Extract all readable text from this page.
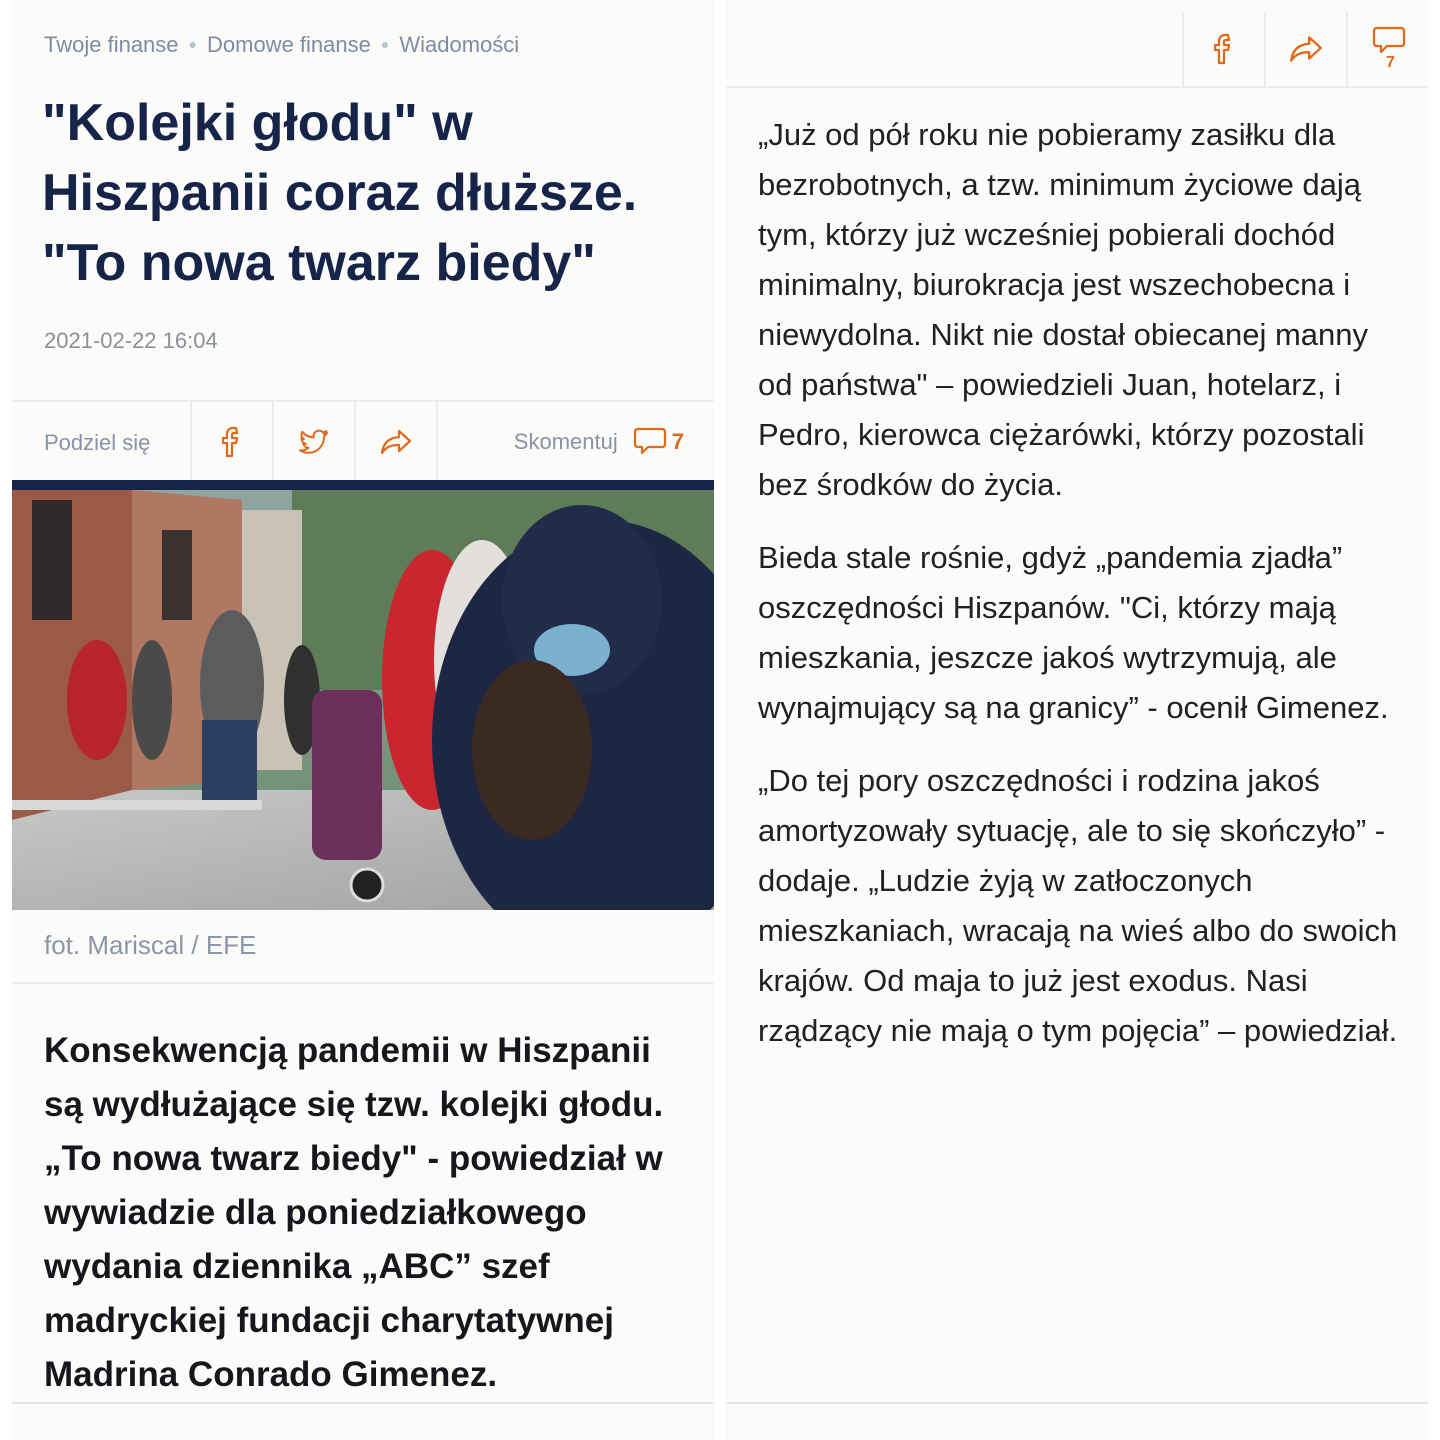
Twoje finanse ● Domowe finanse ● Wiadomości
"Kolejki głodu" w Hiszpanii coraz dłuższe. "To nowa twarz biedy"
2021-02-22 16:04
Podziel się	Skomentuj 7
fot. Mariscal / EFE

Konsekwencją pandemii w Hiszpanii są wydłużające się tzw. kolejki głodu. „To nowa twarz biedy" - powiedział w wywiadzie dla poniedziałkowego wydania dziennika „ABC” szef madryckiej fundacji charytatywnej Madrina Conrado Gimenez.

7

„Już od pół roku nie pobieramy zasiłku dla bezrobotnych, a tzw. minimum życiowe dają tym, którzy już wcześniej pobierali dochód minimalny, biurokracja jest wszechobecna i niewydolna. Nikt nie dostał obiecanej manny od państwa" – powiedzieli Juan, hotelarz, i Pedro, kierowca ciężarówki, którzy pozostali bez środków do życia.

Bieda stale rośnie, gdyż „pandemia zjadła” oszczędności Hiszpanów. "Ci, którzy mają mieszkania, jeszcze jakoś wytrzymują, ale wynajmujący są na granicy” - ocenił Gimenez.

„Do tej pory oszczędności i rodzina jakoś amortyzowały sytuację, ale to się skończyło” - dodaje. „Ludzie żyją w zatłoczonych mieszkaniach, wracają na wieś albo do swoich krajów. Od maja to już jest exodus. Nasi rządzący nie mają o tym pojęcia” – powiedział.
